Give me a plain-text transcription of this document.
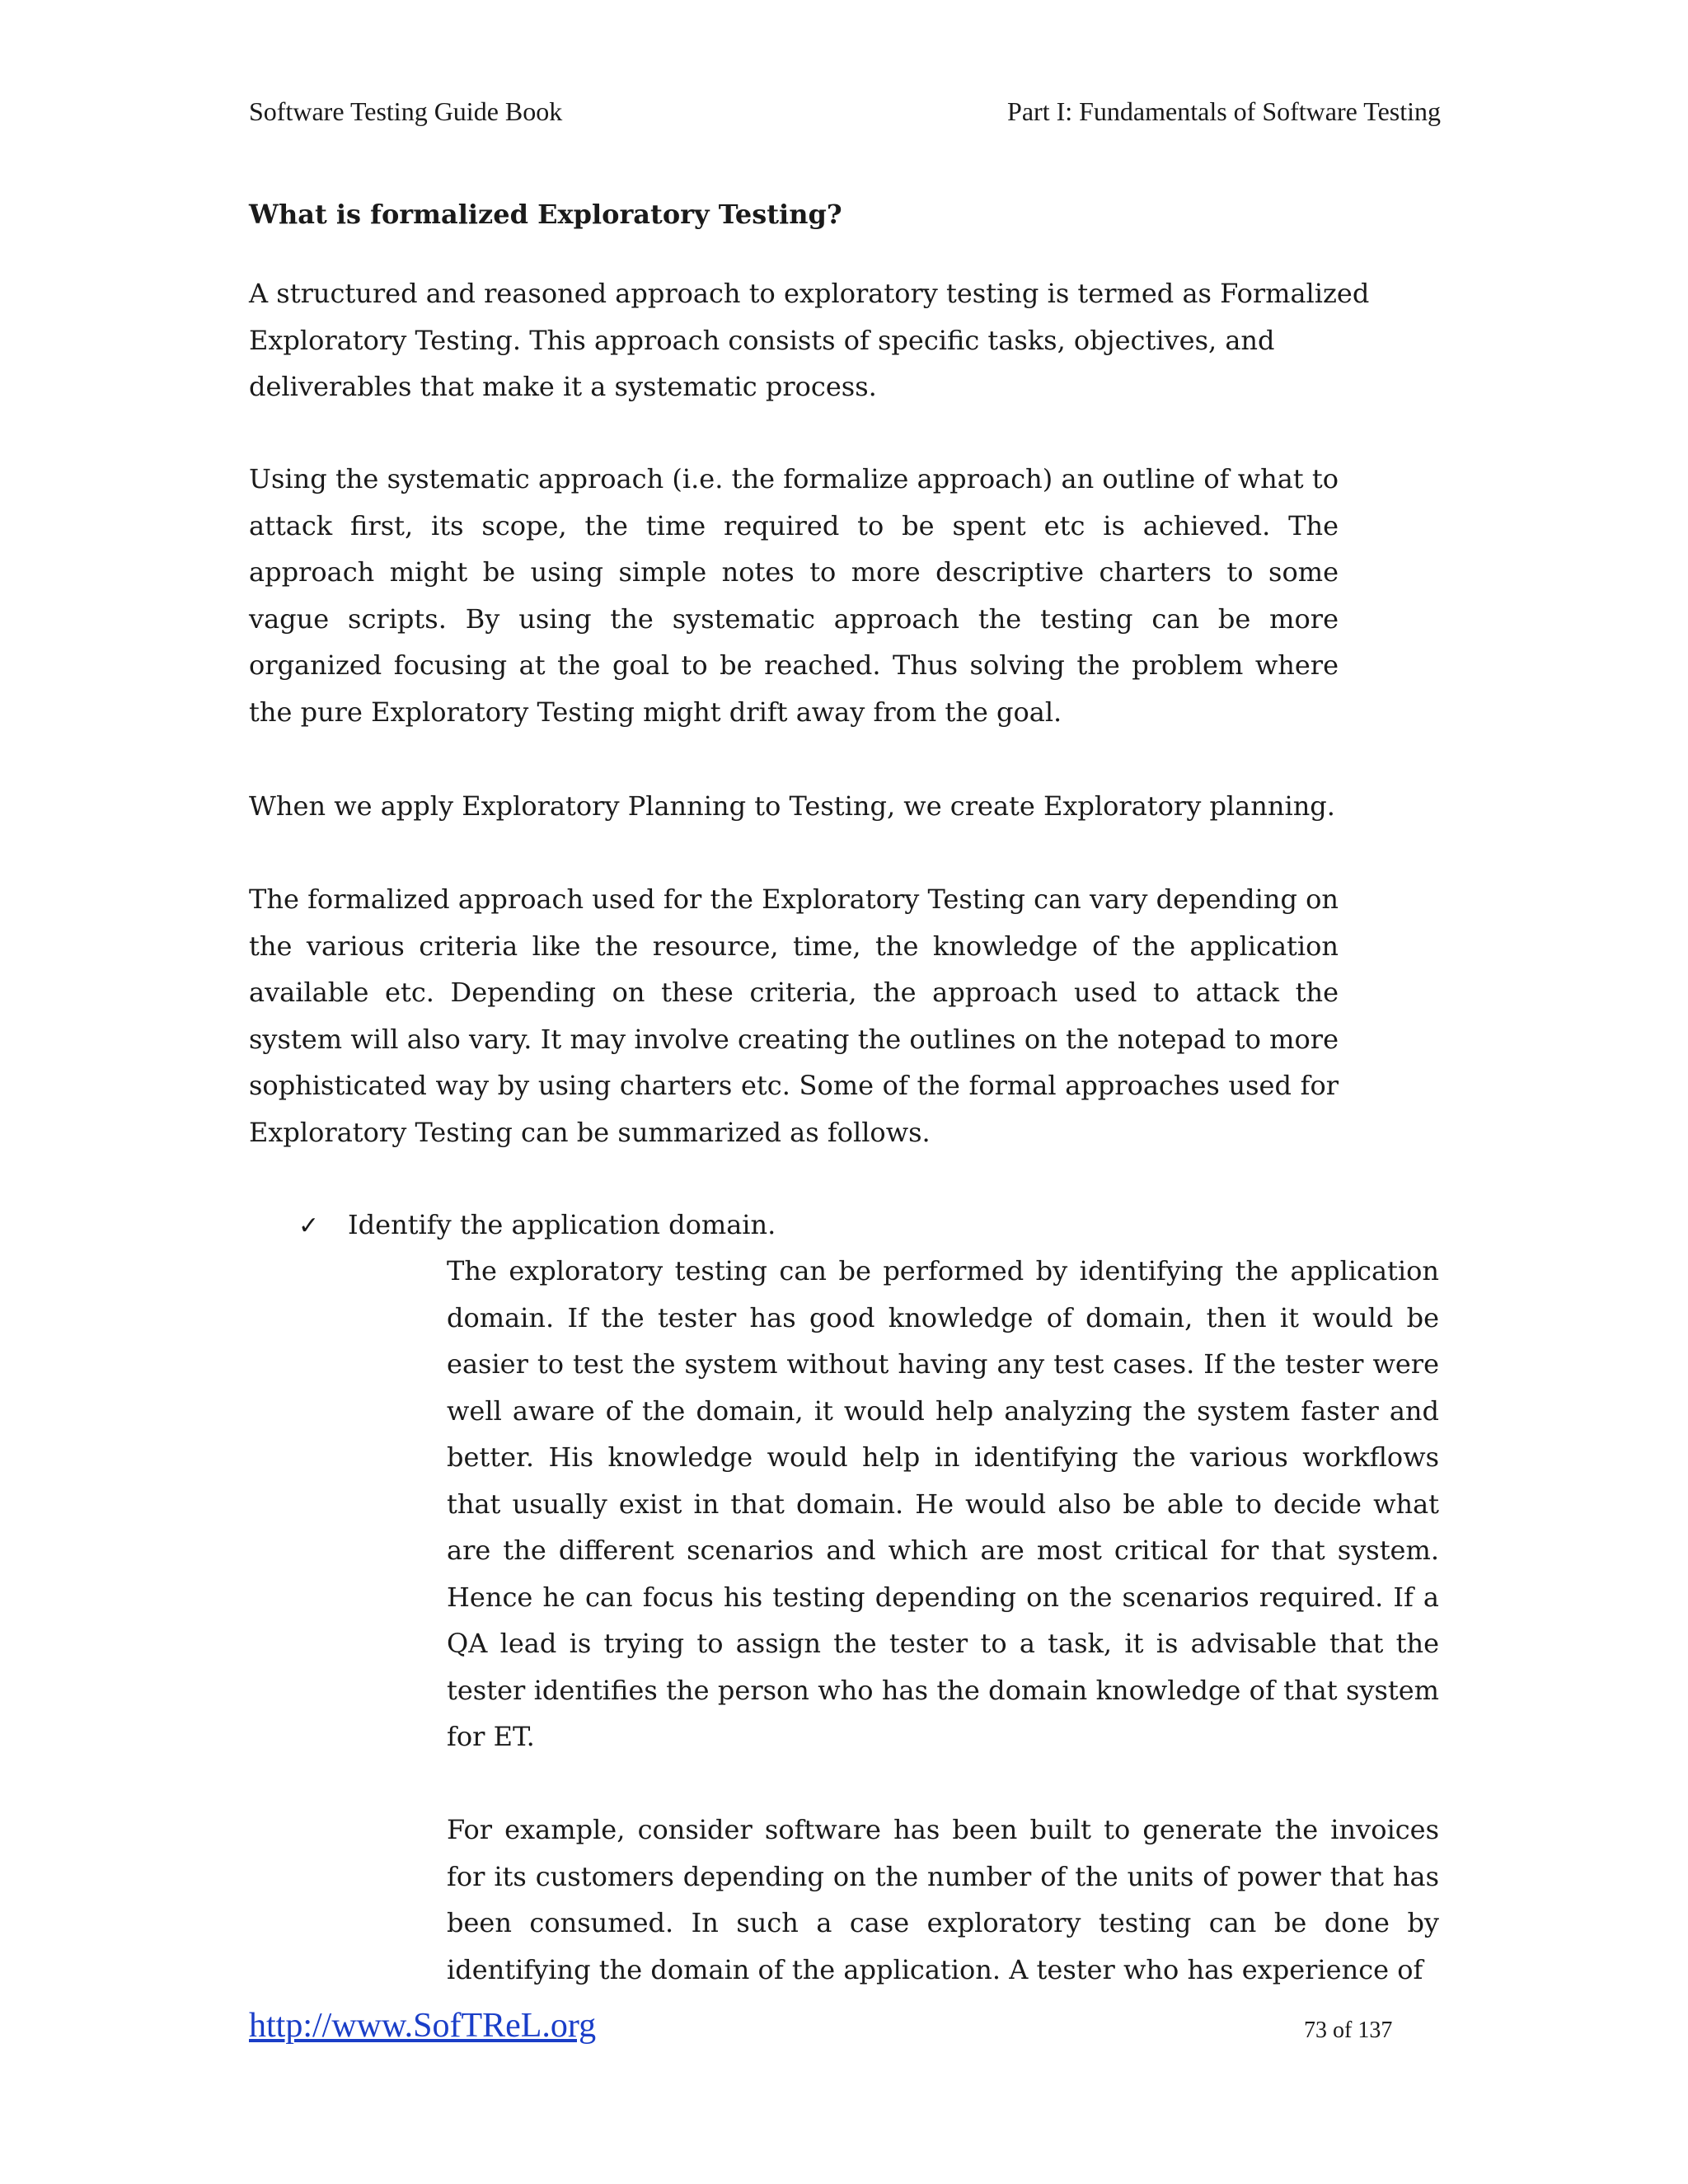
Software Testing Guide Book	Part I: Fundamentals of Software Testing
What is formalized Exploratory Testing?

A structured and reasoned approach to exploratory testing is termed as Formalized Exploratory Testing. This approach consists of specific tasks, objectives, and deliverables that make it a systematic process.

Using the systematic approach (i.e. the formalize approach) an outline of what to attack first, its scope, the time required to be spent etc is achieved. The approach might be using simple notes to more descriptive charters to some vague scripts. By using the systematic approach the testing can be more organized focusing at the goal to be reached. Thus solving the problem where the pure Exploratory Testing might drift away from the goal.

When we apply Exploratory Planning to Testing, we create Exploratory planning.

The formalized approach used for the Exploratory Testing can vary depending on the various criteria like the resource, time, the knowledge of the application available etc. Depending on these criteria, the approach used to attack the system will also vary. It may involve creating the outlines on the notepad to more sophisticated way by using charters etc. Some of the formal approaches used for Exploratory Testing can be summarized as follows.

✓	Identify the application domain.

The exploratory testing can be performed by identifying the application domain. If the tester has good knowledge of domain, then it would be easier to test the system without having any test cases. If the tester were well aware of the domain, it would help analyzing the system faster and better. His knowledge would help in identifying the various workflows that usually exist in that domain. He would also be able to decide what are the different scenarios and which are most critical for that system. Hence he can focus his testing depending on the scenarios required. If a QA lead is trying to assign the tester to a task, it is advisable that the tester identifies the person who has the domain knowledge of that system for ET.

For example, consider software has been built to generate the invoices for its customers depending on the number of the units of power that has been consumed. In such a case exploratory testing can be done by identifying the domain of the application. A tester who has experience of

http://www.SofTReL.org	73 of 137
